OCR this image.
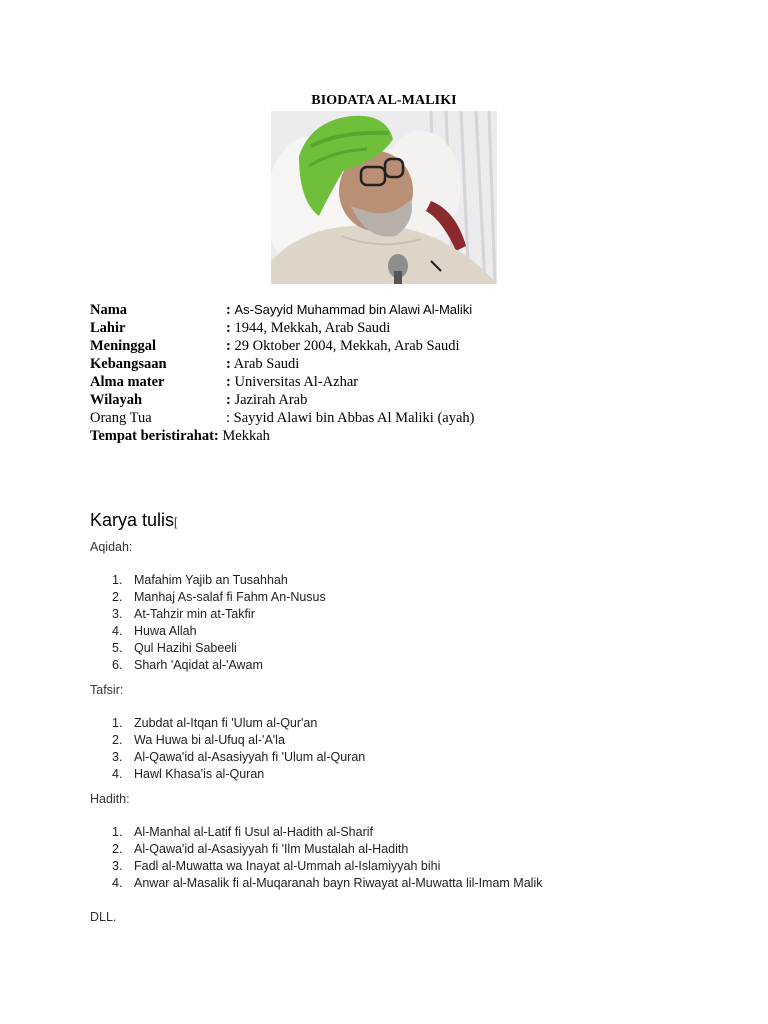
BIODATA AL-MALIKI
Nama	: As-Sayyid Muhammad bin Alawi Al-Maliki
Lahir	: 1944, Mekkah, Arab Saudi
Meninggal	: 29 Oktober 2004, Mekkah, Arab Saudi
Kebangsaan	: Arab Saudi
Alma mater	: Universitas Al-Azhar
Wilayah	: Jazirah Arab
Orang Tua	: Sayyid Alawi bin Abbas Al Maliki (ayah)
Tempat beristirahat: Mekkah
Karya tulis[
Aqidah:
1. Mafahim Yajib an Tusahhah
2. Manhaj As-salaf fi Fahm An-Nusus
3. At-Tahzir min at-Takfir
4. Huwa Allah
5. Qul Hazihi Sabeeli
6. Sharh 'Aqidat al-'Awam
Tafsir:
1. Zubdat al-Itqan fi 'Ulum al-Qur'an
2. Wa Huwa bi al-Ufuq al-'A'la
3. Al-Qawa'id al-Asasiyyah fi 'Ulum al-Quran
4. Hawl Khasa'is al-Quran
Hadith:
1. Al-Manhal al-Latif fi Usul al-Hadith al-Sharif
2. Al-Qawa'id al-Asasiyyah fi 'Ilm Mustalah al-Hadith
3. Fadl al-Muwatta wa Inayat al-Ummah al-Islamiyyah bihi
4. Anwar al-Masalik fi al-Muqaranah bayn Riwayat al-Muwatta lil-Imam Malik
DLL.
